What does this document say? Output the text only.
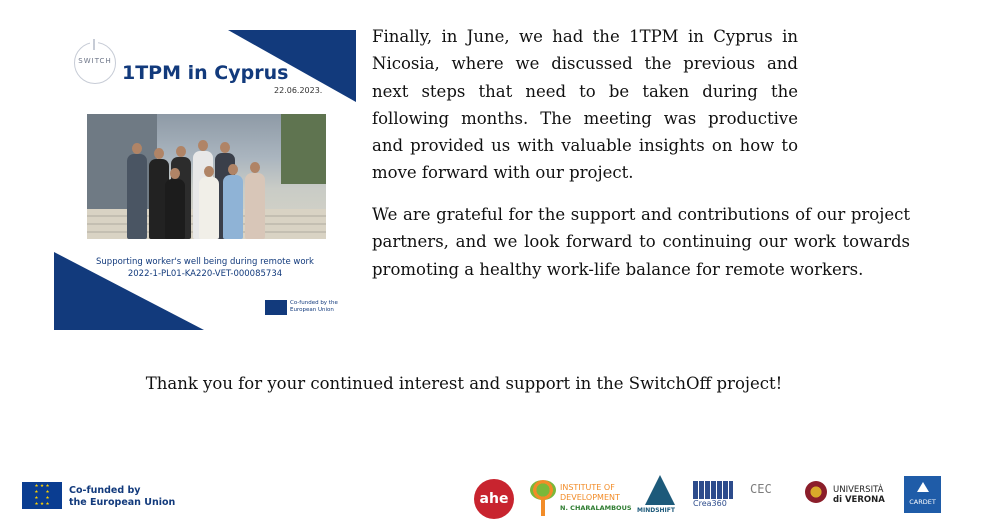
SWITCH
1TPM in Cyprus
22.06.2023.
Supporting worker's well being during remote work
2022-1-PL01-KA220-VET-000085734
Co-funded by the European Union

Finally, in June, we had the 1TPM in Cyprus in Nicosia, where we discussed the previous and next steps that need to be taken during the following months. The meeting was productive and provided us with valuable insights on how to move forward with our project.

We are grateful for the support and contributions of our project partners, and we look forward to continuing our work towards promoting a healthy work-life balance for remote workers.

Thank you for your continued interest and support in the SwitchOff project!

★ ★ ★
★     ★
★     ★
★ ★ ★
Co-funded by
the European Union	ahe
INSTITUTE OF
DEVELOPMENT
N. CHARALAMBOUS MINDSHIFT
Crea360
CEC	UNIVERSITÀ
di VERONA	CARDET
